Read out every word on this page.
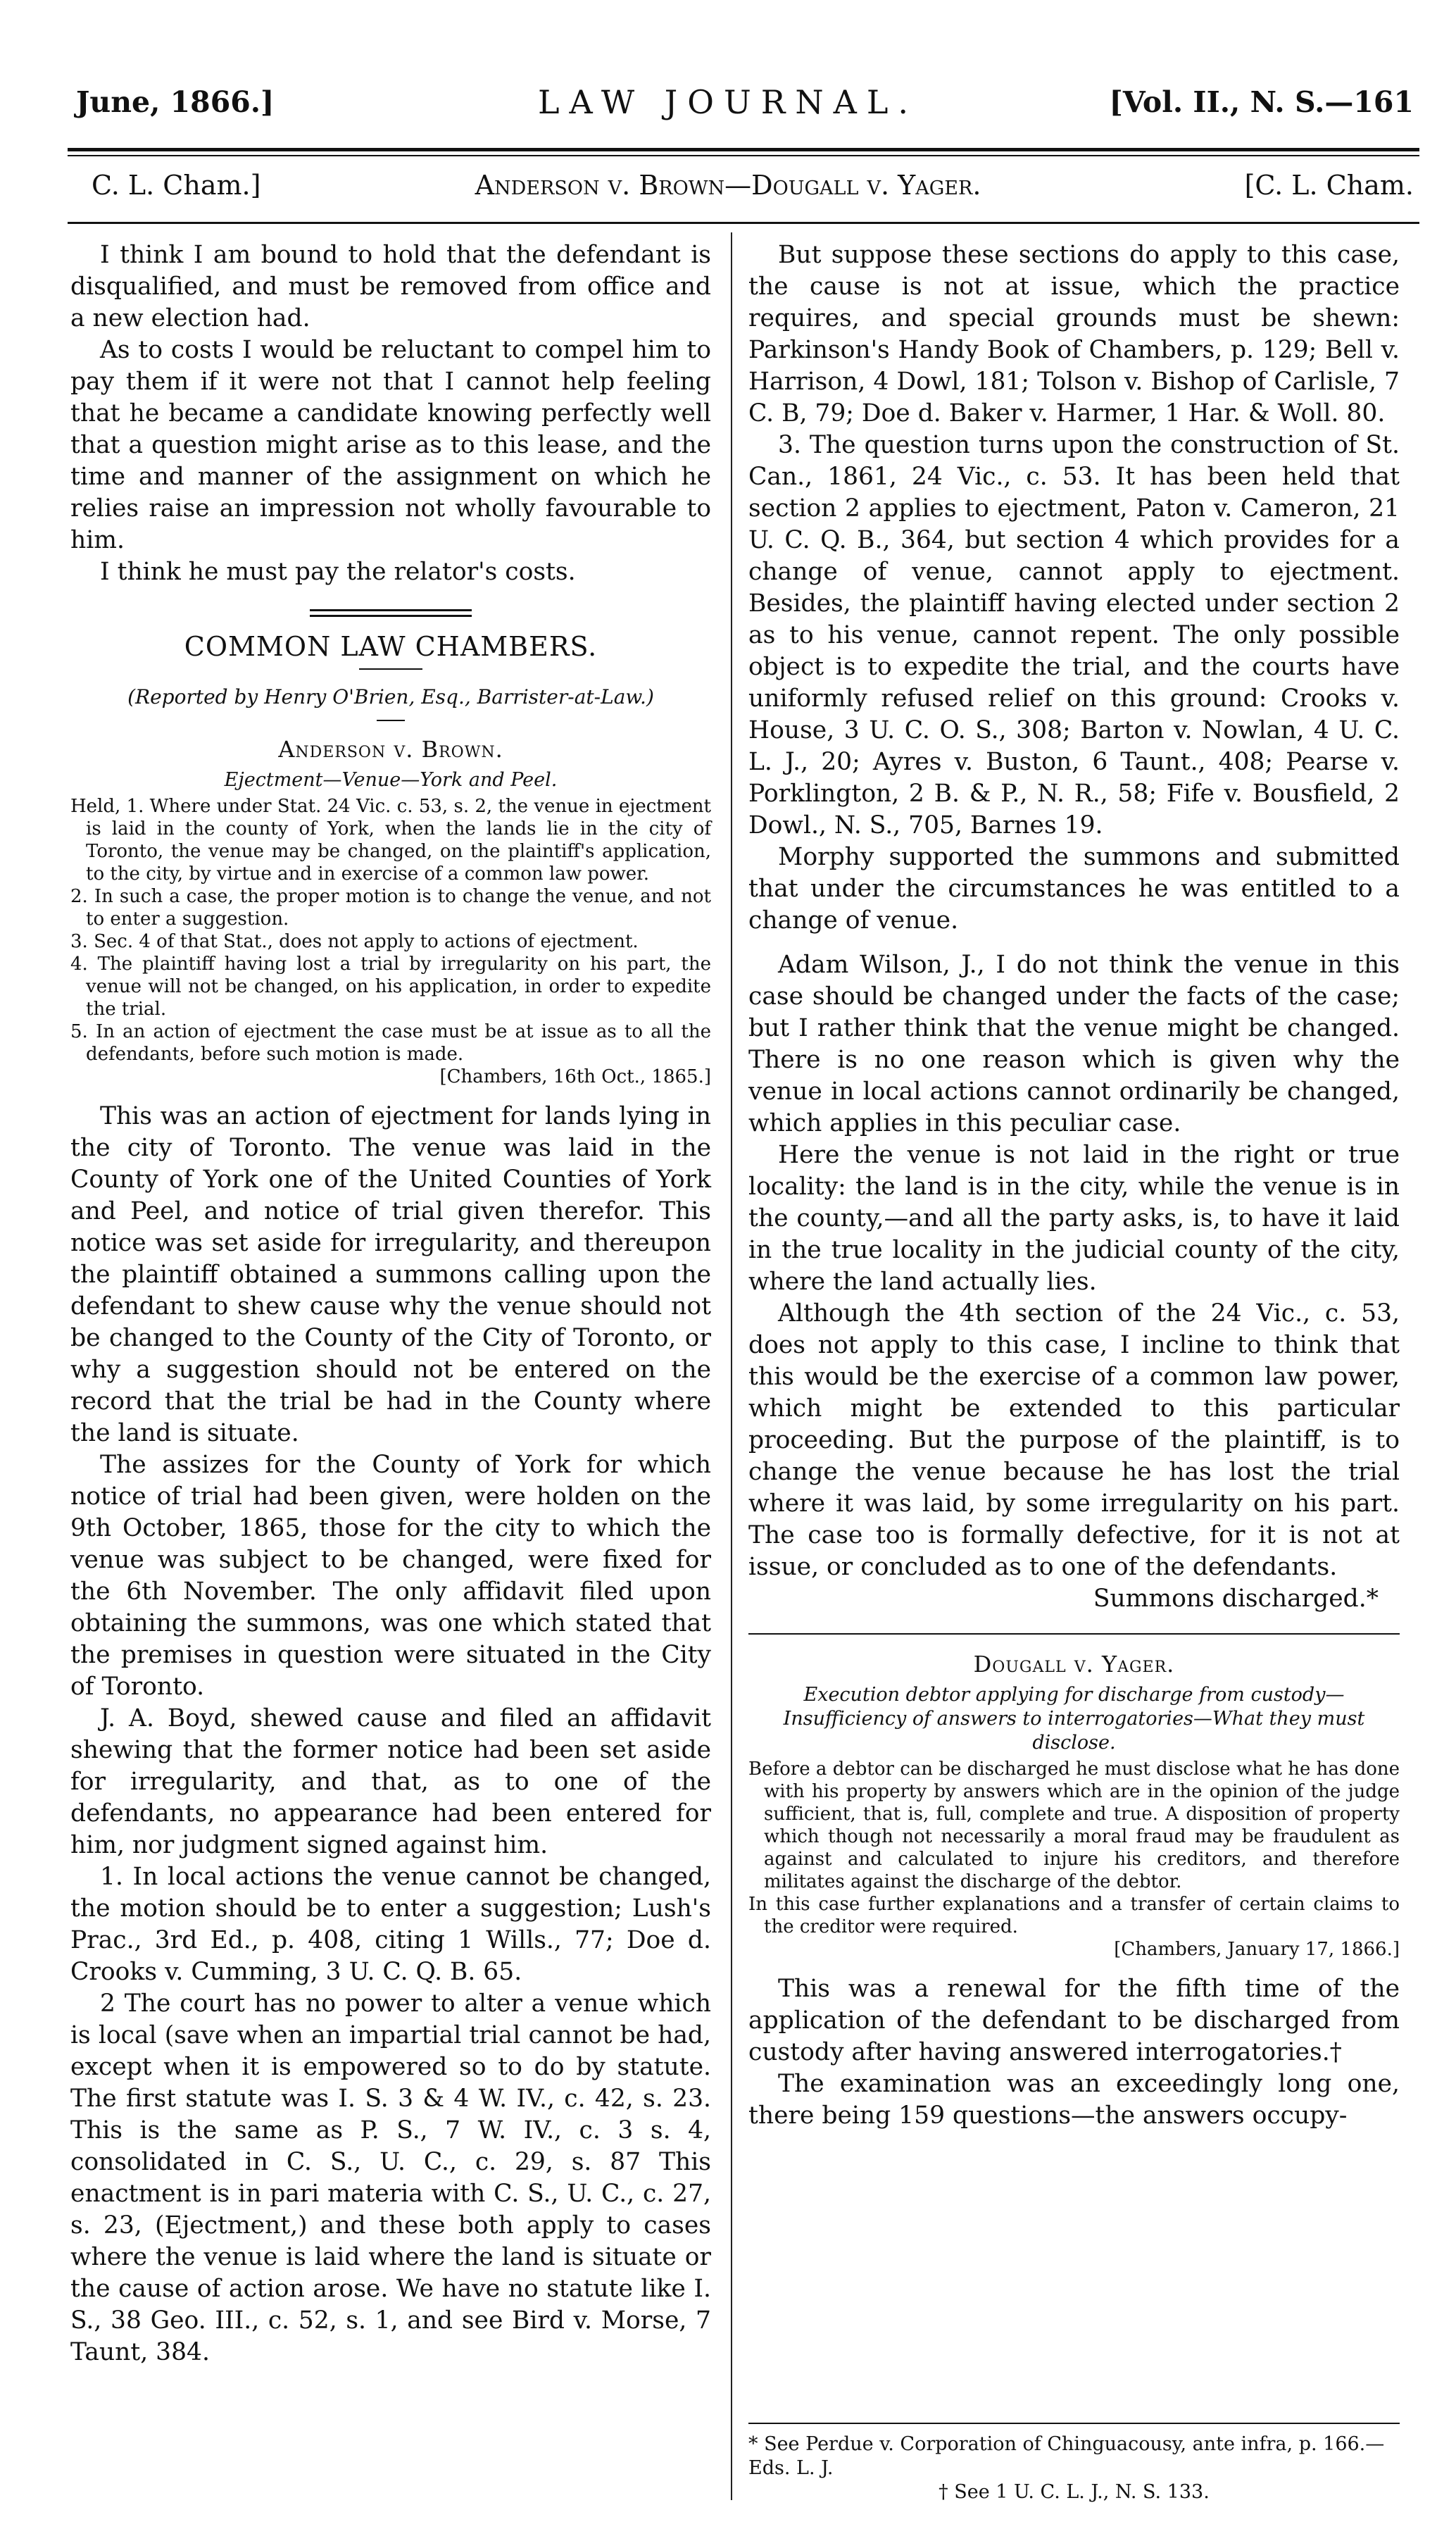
June, 1866.]	LAW JOURNAL.	[Vol. II., N. S.—161
C. L. Cham.]	Anderson v. Brown—Dougall v. Yager.	[C. L. Cham.

I think I am bound to hold that the defendant is disqualified, and must be removed from office and a new election had.

As to costs I would be reluctant to compel him to pay them if it were not that I cannot help feeling that he became a candidate knowing perfectly well that a question might arise as to this lease, and the time and manner of the assignment on which he relies raise an impression not wholly favourable to him.

I think he must pay the relator's costs.

COMMON LAW CHAMBERS.
(Reported by Henry O'Brien, Esq., Barrister-at-Law.)
Anderson v. Brown.
Ejectment—Venue—York and Peel.

Held, 1. Where under Stat. 24 Vic. c. 53, s. 2, the venue in ejectment is laid in the county of York, when the lands lie in the city of Toronto, the venue may be changed, on the plaintiff's application, to the city, by virtue and in exercise of a common law power.

2. In such a case, the proper motion is to change the venue, and not to enter a suggestion.

3. Sec. 4 of that Stat., does not apply to actions of ejectment.

4. The plaintiff having lost a trial by irregularity on his part, the venue will not be changed, on his application, in order to expedite the trial.

5. In an action of ejectment the case must be at issue as to all the defendants, before such motion is made.

[Chambers, 16th Oct., 1865.]

This was an action of ejectment for lands lying in the city of Toronto. The venue was laid in the County of York one of the United Counties of York and Peel, and notice of trial given therefor. This notice was set aside for irregularity, and thereupon the plaintiff obtained a summons calling upon the defendant to shew cause why the venue should not be changed to the County of the City of Toronto, or why a suggestion should not be entered on the record that the trial be had in the County where the land is situate.

The assizes for the County of York for which notice of trial had been given, were holden on the 9th October, 1865, those for the city to which the venue was subject to be changed, were fixed for the 6th November. The only affidavit filed upon obtaining the summons, was one which stated that the premises in question were situated in the City of Toronto.

J. A. Boyd, shewed cause and filed an affidavit shewing that the former notice had been set aside for irregularity, and that, as to one of the defendants, no appearance had been entered for him, nor judgment signed against him.

1. In local actions the venue cannot be changed, the motion should be to enter a suggestion; Lush's Prac., 3rd Ed., p. 408, citing 1 Wills., 77; Doe d. Crooks v. Cumming, 3 U. C. Q. B. 65.

2 The court has no power to alter a venue which is local (save when an impartial trial cannot be had, except when it is empowered so to do by statute. The first statute was I. S. 3 & 4 W. IV., c. 42, s. 23. This is the same as P. S., 7 W. IV., c. 3 s. 4, consolidated in C. S., U. C., c. 29, s. 87 This enactment is in pari materia with C. S., U. C., c. 27, s. 23, (Ejectment,) and these both apply to cases where the venue is laid where the land is situate or the cause of action arose. We have no statute like I. S., 38 Geo. III., c. 52, s. 1, and see Bird v. Morse, 7 Taunt, 384.

But suppose these sections do apply to this case, the cause is not at issue, which the practice requires, and special grounds must be shewn: Parkinson's Handy Book of Chambers, p. 129; Bell v. Harrison, 4 Dowl, 181; Tolson v. Bishop of Carlisle, 7 C. B, 79; Doe d. Baker v. Harmer, 1 Har. & Woll. 80.

3. The question turns upon the construction of St. Can., 1861, 24 Vic., c. 53. It has been held that section 2 applies to ejectment, Paton v. Cameron, 21 U. C. Q. B., 364, but section 4 which provides for a change of venue, cannot apply to ejectment. Besides, the plaintiff having elected under section 2 as to his venue, cannot repent. The only possible object is to expedite the trial, and the courts have uniformly refused relief on this ground: Crooks v. House, 3 U. C. O. S., 308; Barton v. Nowlan, 4 U. C. L. J., 20; Ayres v. Buston, 6 Taunt., 408; Pearse v. Porklington, 2 B. & P., N. R., 58; Fife v. Bousfield, 2 Dowl., N. S., 705, Barnes 19.

Morphy supported the summons and submitted that under the circumstances he was entitled to a change of venue.

Adam Wilson, J., I do not think the venue in this case should be changed under the facts of the case; but I rather think that the venue might be changed. There is no one reason which is given why the venue in local actions cannot ordinarily be changed, which applies in this peculiar case.

Here the venue is not laid in the right or true locality: the land is in the city, while the venue is in the county,—and all the party asks, is, to have it laid in the true locality in the judicial county of the city, where the land actually lies.

Although the 4th section of the 24 Vic., c. 53, does not apply to this case, I incline to think that this would be the exercise of a common law power, which might be extended to this particular proceeding. But the purpose of the plaintiff, is to change the venue because he has lost the trial where it was laid, by some irregularity on his part. The case too is formally defective, for it is not at issue, or concluded as to one of the defendants.

Summons discharged.*

Dougall v. Yager.
Execution debtor applying for discharge from custody—Insufficiency of answers to interrogatories—What they must disclose.

Before a debtor can be discharged he must disclose what he has done with his property by answers which are in the opinion of the judge sufficient, that is, full, complete and true. A disposition of property which though not necessarily a moral fraud may be fraudulent as against and calculated to injure his creditors, and therefore militates against the discharge of the debtor.

In this case further explanations and a transfer of certain claims to the creditor were required.

[Chambers, January 17, 1866.]

This was a renewal for the fifth time of the application of the defendant to be discharged from custody after having answered interrogatories.†

The examination was an exceedingly long one, there being 159 questions—the answers occupy-

* See Perdue v. Corporation of Chinguacousy, ante infra, p. 166.—Eds. L. J.

† See 1 U. C. L. J., N. S. 133.
